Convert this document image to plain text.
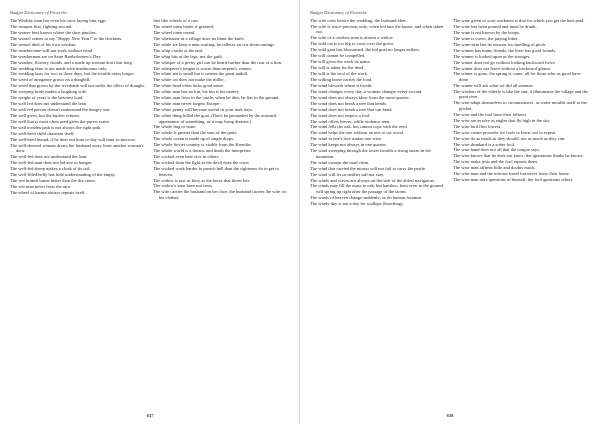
Budget Dictionary of Proverbs
The Wealthy man has even his crow laying him eggs.
The weapon first, fighting second.
The wearer best knows where the shoe pinches.
The weasel comes to say "Happy New Year!" to the chickens.
The weasel died of his own wisdom.
The weathervane will not work without wind.
The weathermen are on Saint Bartholomew's Day.
The weather, flowery clouds, and a made up woman don't last long.
The wedding feast is not made with mushrooms only.
The wedding lasts for two or three days, but the trouble stays longer.
The weed of arrogance grows on a dunghill.
The weed that grows by the riverbank will not suffer the effect of draught.
The weeping bride makes a laughing wife.
The weight of years is the heaviest load.
The well fed does not understand the lean.
The well fed person doesn't understand the hungry one.
The well gives, but the bucket refuses.
The well that is most often used gives the purest water.
The well trodden path is not always the right path.
The well-bred child chastizes itself.
The well-bred hound, if he does not hunt to-day will hunt to-morrow.
The well-dressed woman draws her husband away from another woman's door.
The well-fed does not understand the lean.
The well-fed man does not believe in hunger.
The well-fed sheep makes a cloak of its tail.
The well-filled belly has little understanding of the empty.
The wet branch burns better than the dry stone.
The wet man never fears the rain.
The wheel of karma always repeats itself.
Just like wheels of a cart.
The wheel turns better if greased.
The wheel turns round.
The whetstone in a village does no blunt the knife.
The while we keep a man waiting, he reflects on our shortcomings.
The whip cracks at the end.
The whip hits at the legs, not the guilt.
The whisper of a pretty girl can be heard further than the roar of a lion.
The whisperer's tongue is worse than serpent's venom.
The white ant is small but it creates the great anthill.
The white cat does not make the miller.
The white head often lacks good sense.
The white man has no kin, his kin is his money.
The white man lives in the castle; when he dies, he lies in the ground.
The white man never forgets Europe.
The white penny will become useful in your dark days.
The white thing killed the goat. (Don't be persuaded by the outward appearance of something, as it may bring disaster.)
The whole hog or none.
The whole is greater than the sum of the parts.
The whole ocean is made up of single drops.
The whole Soviet country is visible from the Kremlin.
The whole world is a dream, and death the interpreter.
The wicked even hate vice in others.
The wicked shun the light as the devil does the cross.
The wicked work harder to preach hell than the righteous do to get to heaven.
The widow is just as fiery as the horse that threw her.
The widow's sons have not tears.
The wife carries the husband on her face; the husband carries the wife on his clothes.
637
Budget Dictionary of Proverbs
The wife cries before the wedding, the husband after.
The wife is twice precious only, when led into the house, and when taken out.
The wife of a careless man is almost a widow.
The wild cat is too big to cross over the grove.
The wild goat has blossomed: the kid goat no longer suffers.
The will cannot be compelled.
The will gives the work its name.
The will is taken for the deed.
The will is the soul of the work.
The willing horse carries the load.
The wind bloweth where it listeth.
The wind changes every day, a woman changes every second.
The wind does not always blow from the same quarter.
The wind does not break a tree that bends.
The wind does not break a tree that can bend.
The wind does not respect a fool.
The wind offers leaves, while violence men.
The wind fells the oak, but cannot cope with the reed.
The wind helps the one without an axe to cut wood.
The wind in one's face makes one wise.
The wind keeps not always in one quarter.
The wind sweeping through the tower heralds a rising storm in the mountain.
The wind sweeps the road clean.
The wind that carried the mortar will not fail to carry the pestle.
The wind will let us neither sail nor stay.
The winds and waves are always on the side of the ablest navigators.
The winds may fill the mass in oak, but bamboo, bent even to the ground, will spring up right after the passage of the storm.
The winds of heaven change suddenly; so do human fortunes.
The windy day is not a day for scallops (thatching).
The wine given to your workmen is that for which you get the best paid.
The wine has been poured and must be drunk.
The wine is not known by the hoops.
The wine is sweet, the paying bitter.
The wine-skin has its reasons for smelling of pitch.
The winner has many friends, the loser has good friends.
The winner is looked upon as the stronger.
The winter does not go without looking backward twice.
The winter does not leave without a backward glance.
The winter is gone, the spring is come, all for those who us good have done.
The winter will ask what we did all summer.
The wisdom of the elderly is like the sun, it illuminates the village and the great river.
The wise adapt themselves to circumstances, as water moulds itself to the pitcher.
The wise and the fool have their fellows.
The wise are as nice as eagles that fly high in the sky.
The wise bird flies lowest.
The wise create proverbs for fools to learn, not to repeat.
The wise do as much as they should, not as much as they can.
The wise drunkard is a sober fool.
The wise hand does not all that the tongue says.
The wise knows that he does not know; the ignoramus thinks he knows.
The wise make jests and the fool repeats them.
The wise man affirms little and doubts much.
The wise man and the tortoise travel but never leave their home.
The wise man asks questions of himself, the fool questions others.
638
